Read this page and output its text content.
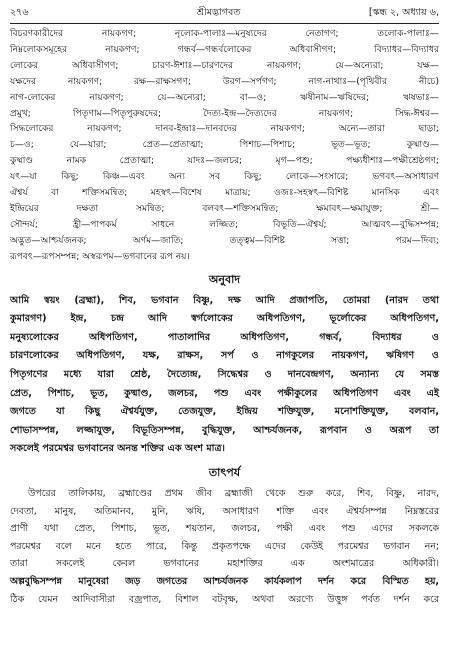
২৭৬	শ্রীমদ্ভাগবত	[স্কন্ধ ২, অধ্যায় ৬,

বিচরণকারীদের নায়কগণ; নৃলোক-পালাঃ—মনুষ্যদের নেতাগণ; তলোক-পালাঃ—

নিম্নলোকসমূহের নায়কগণ; গন্ধর্ব—গন্ধর্বলোকের অধিবাসীগণ; বিদ্যাধর—বিদ্যাধর

লোকের অধিবাসীগণ; চারণ-ঈশাঃ—চারণদের নায়কগণ; যে—অন্যেরা; যক্ষ—

যক্ষদের নায়কগণ; রক্ষ—রাক্ষসগণ; উরগ—সর্পগণ; নাগ-নাথাঃ—(পৃথিবীর নীচে)

নাগ-লোকের নায়কগণ; যে—অন্যেরা; বা—ও; ঋষীনাম—ঋষিদের; ঋষভাঃ—

প্রমুখ; পিতৃণাম—পিতৃপুরুষদের; দৈত্য-ইন্দ্র—দৈত্যদের নায়কগণ; সিদ্ধ-ঈশ্বর—

সিদ্ধলোকের নায়কগণ; দানব-ইন্দ্রাঃ—দানবদের নায়কগণ; অন্যে—তারা ছাড়া;

চ—ও; যে—যারা; প্রেত—প্রেতাত্মা; পিশাচ—পিশাচ; ভূত—ভূত; কুষ্মাণ্ড—

কুষ্মাণ্ড নামক প্রেতাত্মা; যাদঃ—জলচর; মৃগ—পশু; পক্ষ্যধীশাঃ—পক্ষীশ্রেষ্ঠগণ;

যৎ—যা কিছু; কিঞ্চ—এবং অন্য সব কিছু; লোকে—সংসারে; ভগবৎ—অসাধারণ

ঐশ্বর্য বা শক্তিসমন্বিত; মহস্বৎ—বিশেষ মাত্রায়; ওজঃ-সহস্বৎ—বিশিষ্ট মানসিক এবং

ইন্দ্রিয়ের দক্ষতা সমন্বিত; বলবৎ—শক্তিসমন্বিত; ক্ষমাবৎ—ক্ষমাযুক্ত; শ্রী—

সৌন্দর্য; হ্রী—পাপকর্ম সাধনে লজ্জিত; বিভূতি—ঐশ্বর্য; আত্মবৎ—বুদ্ধিসম্পন্ন;

অদ্ভুত—আশ্চর্যজনক; অর্ণম—জাতি; তত্ত্বম—বিশিষ্ট সত্তা; পরম—দিব্য;

রূপবৎ—রূপসম্পন্ন; অস্বরূপম—ভগবানের রূপ নয়।

অনুবাদ

আমি স্বয়ং (ব্রহ্মা), শিব, ভগবান বিষ্ণু, দক্ষ আদি প্রজাপতি, তোমরা (নারদ তথা

কুমারগণ) ইন্দ্র, চন্দ্র আদি স্বর্গলোকের অধিপতিগণ, ভূর্লোকের অধিপতিগণ,

মনুষ্যলোকের অধিপতিগণ, পাতালাদির অধিপতিগণ, গন্ধর্ব, বিদ্যাধর ও

চারণলোকের অধিপতিগণ, যক্ষ, রাক্ষস, সর্প ও নাগকুলের নায়কগণ, ঋষিগণ ও

পিতৃগণের মধ্যে যারা শ্রেষ্ঠ, দৈত্যেন্দ্র, সিদ্ধেশ্বর ও দানবেন্দ্রগণ, অন্যান্য যে সমস্ত

প্রেত, পিশাচ, ভূত, কুষ্মাণ্ড, জলচর, পশু এবং পক্ষীকুলের অধিপতিগণ এবং এই

জগতে যা কিছু ঐশ্বর্যযুক্ত, তেজযুক্ত, ইন্দ্রিয় শক্তিযুক্ত, মনোশক্তিযুক্ত, বলবান,

শোভাসম্পন্ন, লজ্জাযুক্ত, বিভূতিসম্পন্ন, বুদ্ধিযুক্ত, আশ্চর্যজনক, রূপবান ও অরূপ তা

সকলেই পরমেশ্বর ভগবানের অনন্ত শক্তির এক অংশ মাত্র।

তাৎপর্য

উপরের তালিকায়, ব্রহ্মাণ্ডের প্রথম জীব ব্রহ্মাজী থেকে শুরু করে, শিব, বিষ্ণু, নারদ,

দেবতা, মানুষ, অতিমানব, মুনি, ঋষি, অসাধারণ শক্তি এবং ঐশ্বর্যসম্পন্ন নিম্নস্তরের

প্রাণী যথা প্রেত, পিশাচ, ভূত, শয়তান, জলচর, পক্ষী এবং পশু এদের সকলকে

পরমেশ্বর বলে মনে হতে পারে, কিন্তু প্রকৃতপক্ষে এদের কেউই পরমেশ্বর ভগবান নন;

তারা সকলেই কেবল ভগবানের মহাশক্তির এক অংশমাত্রের অধিকারী।

অল্পবুদ্ধিসম্পন্ন মানুষেরা জড় জগতের আশ্চর্যজনক কার্যকলাপ দর্শন করে বিস্মিত হয়,

ঠিক যেমন আদিবাসীরা বজ্রপাত, বিশাল বটবৃক্ষ, অথবা অরণ্যে উত্তুঙ্গ পর্বত দর্শন করে
